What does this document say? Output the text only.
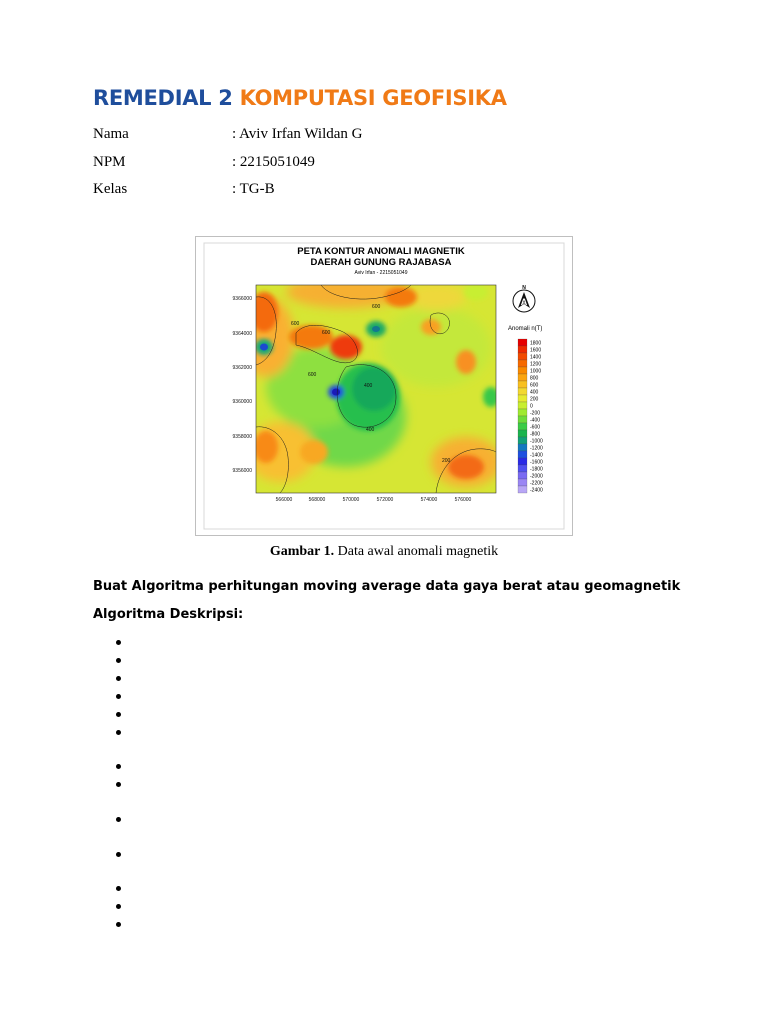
REMEDIAL 2 KOMPUTASI GEOFISIKA
Nama	: Aviv Irfan Wildan G
NPM	: 2215051049
Kelas	: TG-B
PETA KONTUR ANOMALI MAGNETIK
DAERAH GUNUNG RAJABASA
Aviv Irfan - 2215051049
600
600
600
400
400
600
200
9366000
9364000
9362000
9360000
9358000
9356000
566000	568000	570000	572000	574000	576000
N
A
Anomali n(T)
1800
1600
1400
1200
1000
800
600
400
200
0
-200
-400
-600
-800
-1000
-1200
-1400
-1600
-1800
-2000
-2200
-2400
Gambar 1. Data awal anomali magnetik
Buat Algoritma perhitungan moving average data gaya berat atau geomagnetik
Algoritma Deskripsi:
